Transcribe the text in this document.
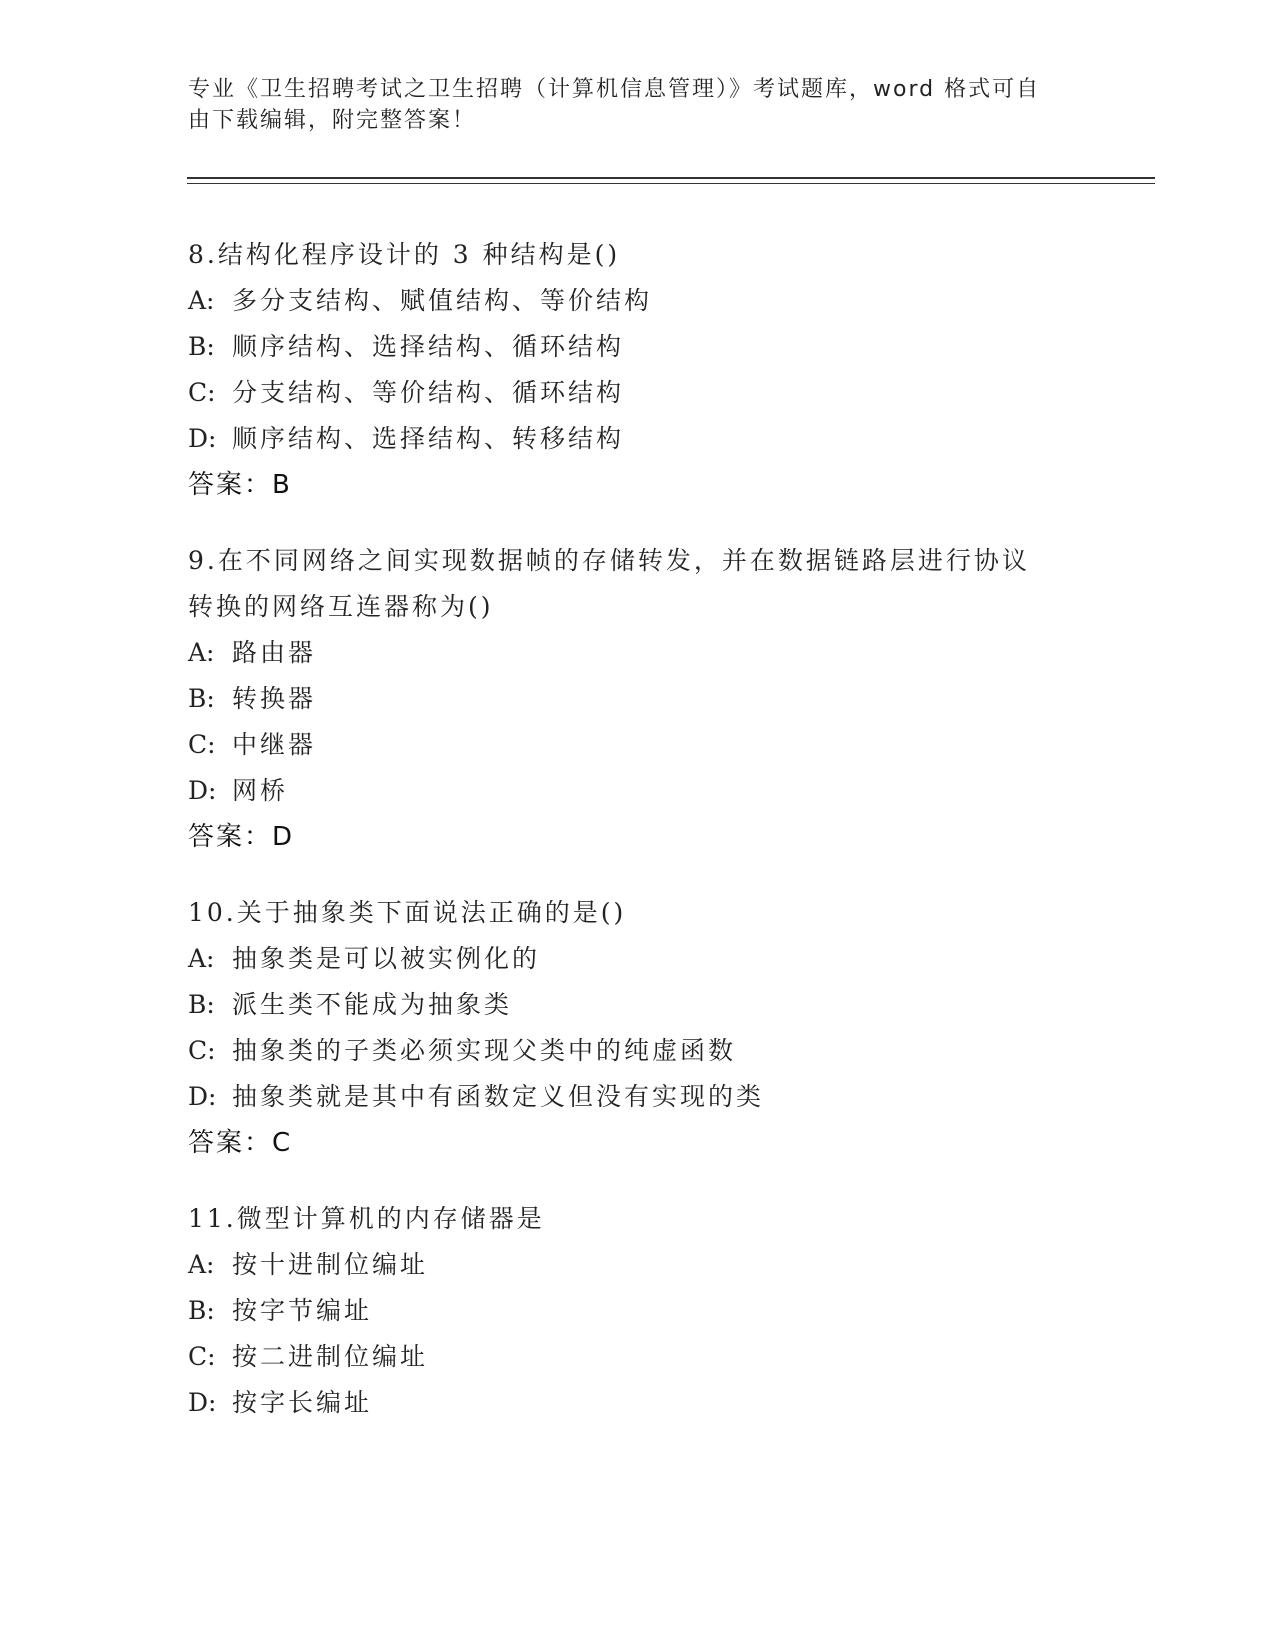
专业《卫生招聘考试之卫生招聘（计算机信息管理）》考试题库，word 格式可自
由下载编辑，附完整答案！
8.结构化程序设计的 3 种结构是()
A: 多分支结构、赋值结构、等价结构
B: 顺序结构、选择结构、循环结构
C: 分支结构、等价结构、循环结构
D: 顺序结构、选择结构、转移结构
答案：B
9.在不同网络之间实现数据帧的存储转发，并在数据链路层进行协议
转换的网络互连器称为()
A: 路由器
B: 转换器
C: 中继器
D: 网桥
答案：D
10.关于抽象类下面说法正确的是()
A: 抽象类是可以被实例化的
B: 派生类不能成为抽象类
C: 抽象类的子类必须实现父类中的纯虚函数
D: 抽象类就是其中有函数定义但没有实现的类
答案：C
11.微型计算机的内存储器是
A: 按十进制位编址
B: 按字节编址
C: 按二进制位编址
D: 按字长编址
